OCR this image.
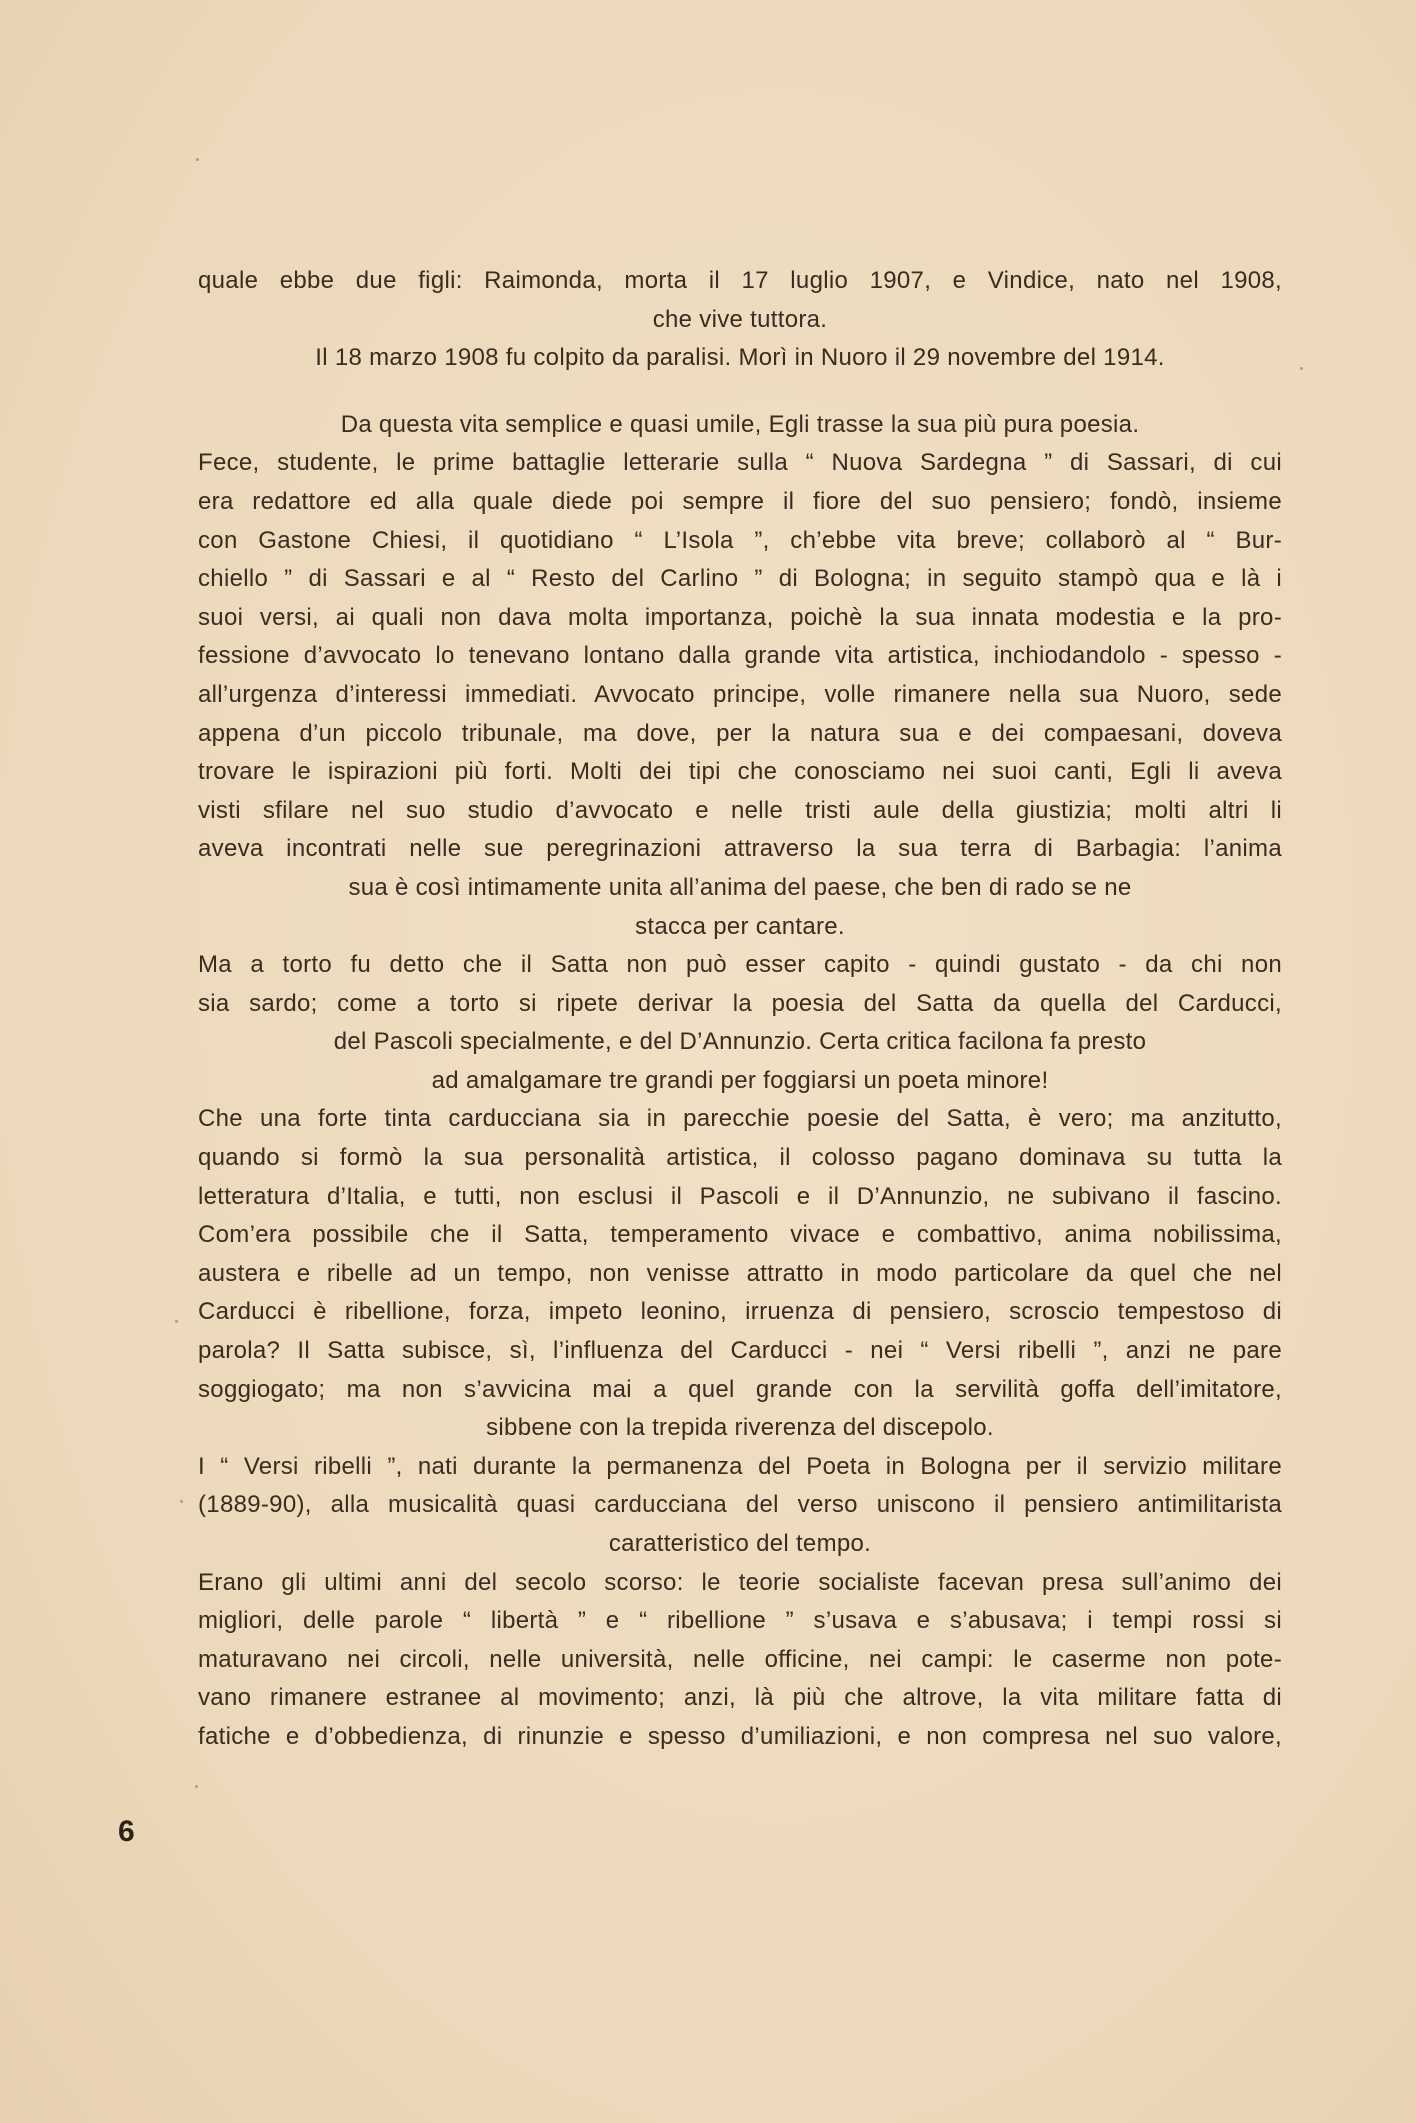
quale ebbe due figli: Raimonda, morta il 17 luglio 1907, e Vindice, nato nel 1908,
che vive tuttora.
Il 18 marzo 1908 fu colpito da paralisi. Morì in Nuoro il 29 novembre del 1914.
Da questa vita semplice e quasi umile, Egli trasse la sua più pura poesia.
Fece, studente, le prime battaglie letterarie sulla “ Nuova Sardegna ” di Sassari, di cui
era redattore ed alla quale diede poi sempre il fiore del suo pensiero; fondò, insieme
con Gastone Chiesi, il quotidiano “ L’Isola ”, ch’ebbe vita breve; collaborò al “ Bur-
chiello ” di Sassari e al “ Resto del Carlino ” di Bologna; in seguito stampò qua e là i
suoi versi, ai quali non dava molta importanza, poichè la sua innata modestia e la pro-
fessione d’avvocato lo tenevano lontano dalla grande vita artistica, inchiodandolo - spesso -
all’urgenza d’interessi immediati. Avvocato principe, volle rimanere nella sua Nuoro, sede
appena d’un piccolo tribunale, ma dove, per la natura sua e dei compaesani, doveva
trovare le ispirazioni più forti. Molti dei tipi che conosciamo nei suoi canti, Egli li aveva
visti sfilare nel suo studio d’avvocato e nelle tristi aule della giustizia; molti altri li
aveva incontrati nelle sue peregrinazioni attraverso la sua terra di Barbagia: l’anima
sua è così intimamente unita all’anima del paese, che ben di rado se ne
stacca per cantare.
Ma a torto fu detto che il Satta non può esser capito - quindi gustato - da chi non
sia sardo; come a torto si ripete derivar la poesia del Satta da quella del Carducci,
del Pascoli specialmente, e del D’Annunzio. Certa critica facilona fa presto
ad amalgamare tre grandi per foggiarsi un poeta minore!
Che una forte tinta carducciana sia in parecchie poesie del Satta, è vero; ma anzitutto,
quando si formò la sua personalità artistica, il colosso pagano dominava su tutta la
letteratura d’Italia, e tutti, non esclusi il Pascoli e il D’Annunzio, ne subivano il fascino.
Com’era possibile che il Satta, temperamento vivace e combattivo, anima nobilissima,
austera e ribelle ad un tempo, non venisse attratto in modo particolare da quel che nel
Carducci è ribellione, forza, impeto leonino, irruenza di pensiero, scroscio tempestoso di
parola? Il Satta subisce, sì, l’influenza del Carducci - nei “ Versi ribelli ”, anzi ne pare
soggiogato; ma non s’avvicina mai a quel grande con la servilità goffa dell’imitatore,
sibbene con la trepida riverenza del discepolo.
I “ Versi ribelli ”, nati durante la permanenza del Poeta in Bologna per il servizio militare
(1889-90), alla musicalità quasi carducciana del verso uniscono il pensiero antimilitarista
caratteristico del tempo.
Erano gli ultimi anni del secolo scorso: le teorie socialiste facevan presa sull’animo dei
migliori, delle parole “ libertà ” e “ ribellione ” s’usava e s’abusava; i tempi rossi si
maturavano nei circoli, nelle università, nelle officine, nei campi: le caserme non pote-
vano rimanere estranee al movimento; anzi, là più che altrove, la vita militare fatta di
fatiche e d’obbedienza, di rinunzie e spesso d’umiliazioni, e non compresa nel suo valore,
6
